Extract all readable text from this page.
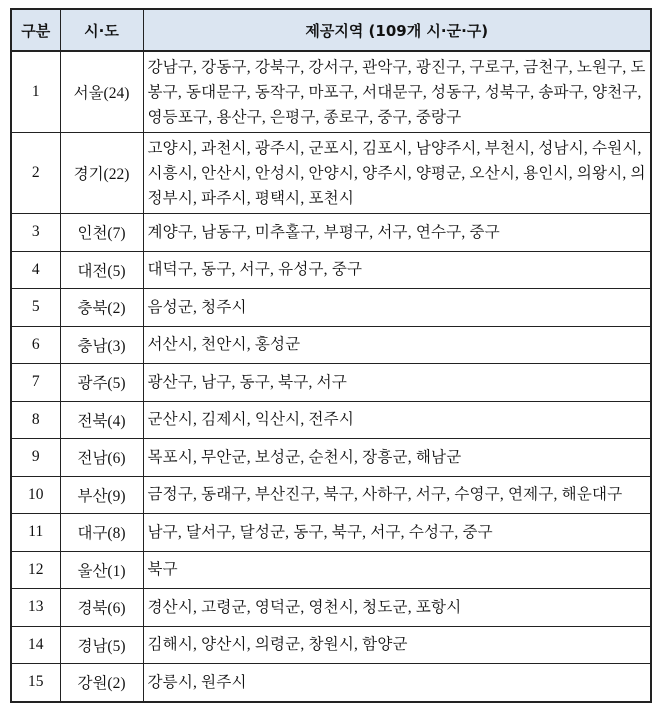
구분	시·도	제공지역 (109개 시·군·구)
1	서울(24)	강남구, 강동구, 강북구, 강서구, 관악구, 광진구, 구로구, 금천구, 노원구, 도봉구, 동대문구, 동작구, 마포구, 서대문구, 성동구, 성북구, 송파구, 양천구, 영등포구, 용산구, 은평구, 종로구, 중구, 중랑구
2	경기(22)	고양시, 과천시, 광주시, 군포시, 김포시, 남양주시, 부천시, 성남시, 수원시, 시흥시, 안산시, 안성시, 안양시, 양주시, 양평군, 오산시, 용인시, 의왕시, 의정부시, 파주시, 평택시, 포천시
3	인천(7)	계양구, 남동구, 미추홀구, 부평구, 서구, 연수구, 중구
4	대전(5)	대덕구, 동구, 서구, 유성구, 중구
5	충북(2)	음성군, 청주시
6	충남(3)	서산시, 천안시, 홍성군
7	광주(5)	광산구, 남구, 동구, 북구, 서구
8	전북(4)	군산시, 김제시, 익산시, 전주시
9	전남(6)	목포시, 무안군, 보성군, 순천시, 장흥군, 해남군
10	부산(9)	금정구, 동래구, 부산진구, 북구, 사하구, 서구, 수영구, 연제구, 해운대구
11	대구(8)	남구, 달서구, 달성군, 동구, 북구, 서구, 수성구, 중구
12	울산(1)	북구
13	경북(6)	경산시, 고령군, 영덕군, 영천시, 청도군, 포항시
14	경남(5)	김해시, 양산시, 의령군, 창원시, 함양군
15	강원(2)	강릉시, 원주시
